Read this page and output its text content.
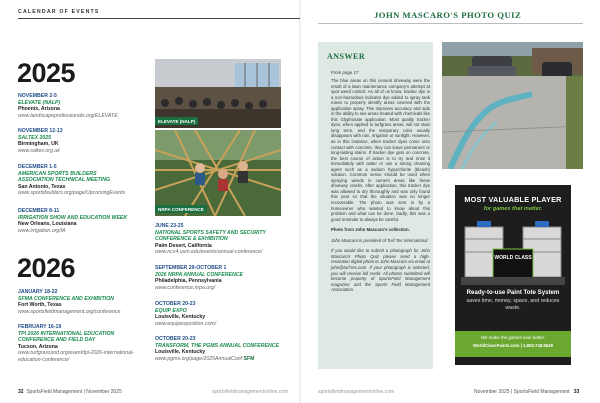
CALENDAR OF EVENTS
2025
NOVEMBER 2-5
ELEVATE (NALP)
Phoenix, Arizona
www.landscapeprofessionals.org/ELEVATE
NOVEMBER 12-13
SALTEX 2025
Birmingham, UK
www.saltex.org.uk
DECEMBER 1-5
AMERICAN SPORTS BUILDERS
ASSOCIATION TECHNICAL MEETING
San Antonio, Texas
www.sportsbuilders.org/page/UpcomingEvents
DECEMBER 8-11
IRRIGATION SHOW AND EDUCATION WEEK
New Orleans, Louisiana
www.irrigation.org/IA
2026
JANUARY 18-22
SFMA CONFERENCE AND EXHIBITION
Fort Worth, Texas
www.sportsfieldmanagement.org/conference
FEBRUARY 16-19
TPI 2026 INTERNATIONAL EDUCATION
CONFERENCE AND FIELD DAY
Tucson, Arizona
www.turfgrasssod.org/event/tpi-2026-international-
education-conference/
ELEVATE (NALP)
NRPA CONFERENCE
JUNE 23-25
NATIONAL SPORTS SAFETY AND SECURITY
CONFERENCE & EXHIBITION
Palm Desert, California
www.ncs4.usm.edu/events/annual-conference/
SEPTEMBER 29-OCTOBER 1
2026 NRPA ANNUAL CONFERENCE
Philadelphia, Pennsylvania
www.conference.nrpa.org/
OCTOBER 20-23
EQUIP EXPO
Louisville, Kentucky
www.equipexposition.com/
OCTOBER 20-23
TRANSFORM, THE PGMS ANNUAL CONFERENCE
Louisville, Kentucky
www.pgms.org/page/2025AnnualConf SFM
32 SportsField Management | November 2025	sportsfieldmanagementonline.com
JOHN MASCARO'S PHOTO QUIZ
ANSWER
From page 17

The blue areas on this cement driveway were the result of a lawn maintenance company's attempt at spot weed control. As all of us know, tracker dye is a non-hazardous indicator dye added to spray tank mixes to properly identify areas covered with the application spray. This improves accuracy and aids in the ability to see areas treated with chemicals like this Glyphosate application. Most quality tracker dyes, when applied to turfgrass areas, will not stain long term, and the temporary color usually disappears with rain, irrigation or sunlight. However, as in this instance, when tracker dyes come onto contact with concrete, they can leave permanent or long-lasting stains. If tracker dye gets on concrete, the best course of action is to try and rinse it immediately with water or use a strong cleaning agent such as a sodium hypochlorite (bleach) solution. Common sense should be used when spraying weeds in cement areas like these driveway cracks. After application, this tracker dye was allowed to dry thoroughly and was only found this year so that the situation was no longer recoverable. The photo was sent in by a homeowner who wanted to know about this problem and what can be done. Sadly, this was a good reminder to always be careful.

Photo from John Mascaro's collection.

John Mascaro is president of Turf-Tec International

If you would like to submit a photograph for John Mascaro's Photo Quiz please send a high-resolution digital photo to John Mascaro via email at john@turf-tec.com. If your photograph is selected, you will receive full credit. All photos submitted will become property of SportsField Management magazine and the Sports Field Management Association.

MOST VALUABLE PLAYER
for games that matter.
WORLD CLASS
Ready-to-use Paint Tote System
saves time, money, space, and reduces waste.
We make the games look better.
WorldClassPaints.com | 1.800.748.9649
sportsfieldmanagementonline.com	November 2025 | SportsField Management 33
